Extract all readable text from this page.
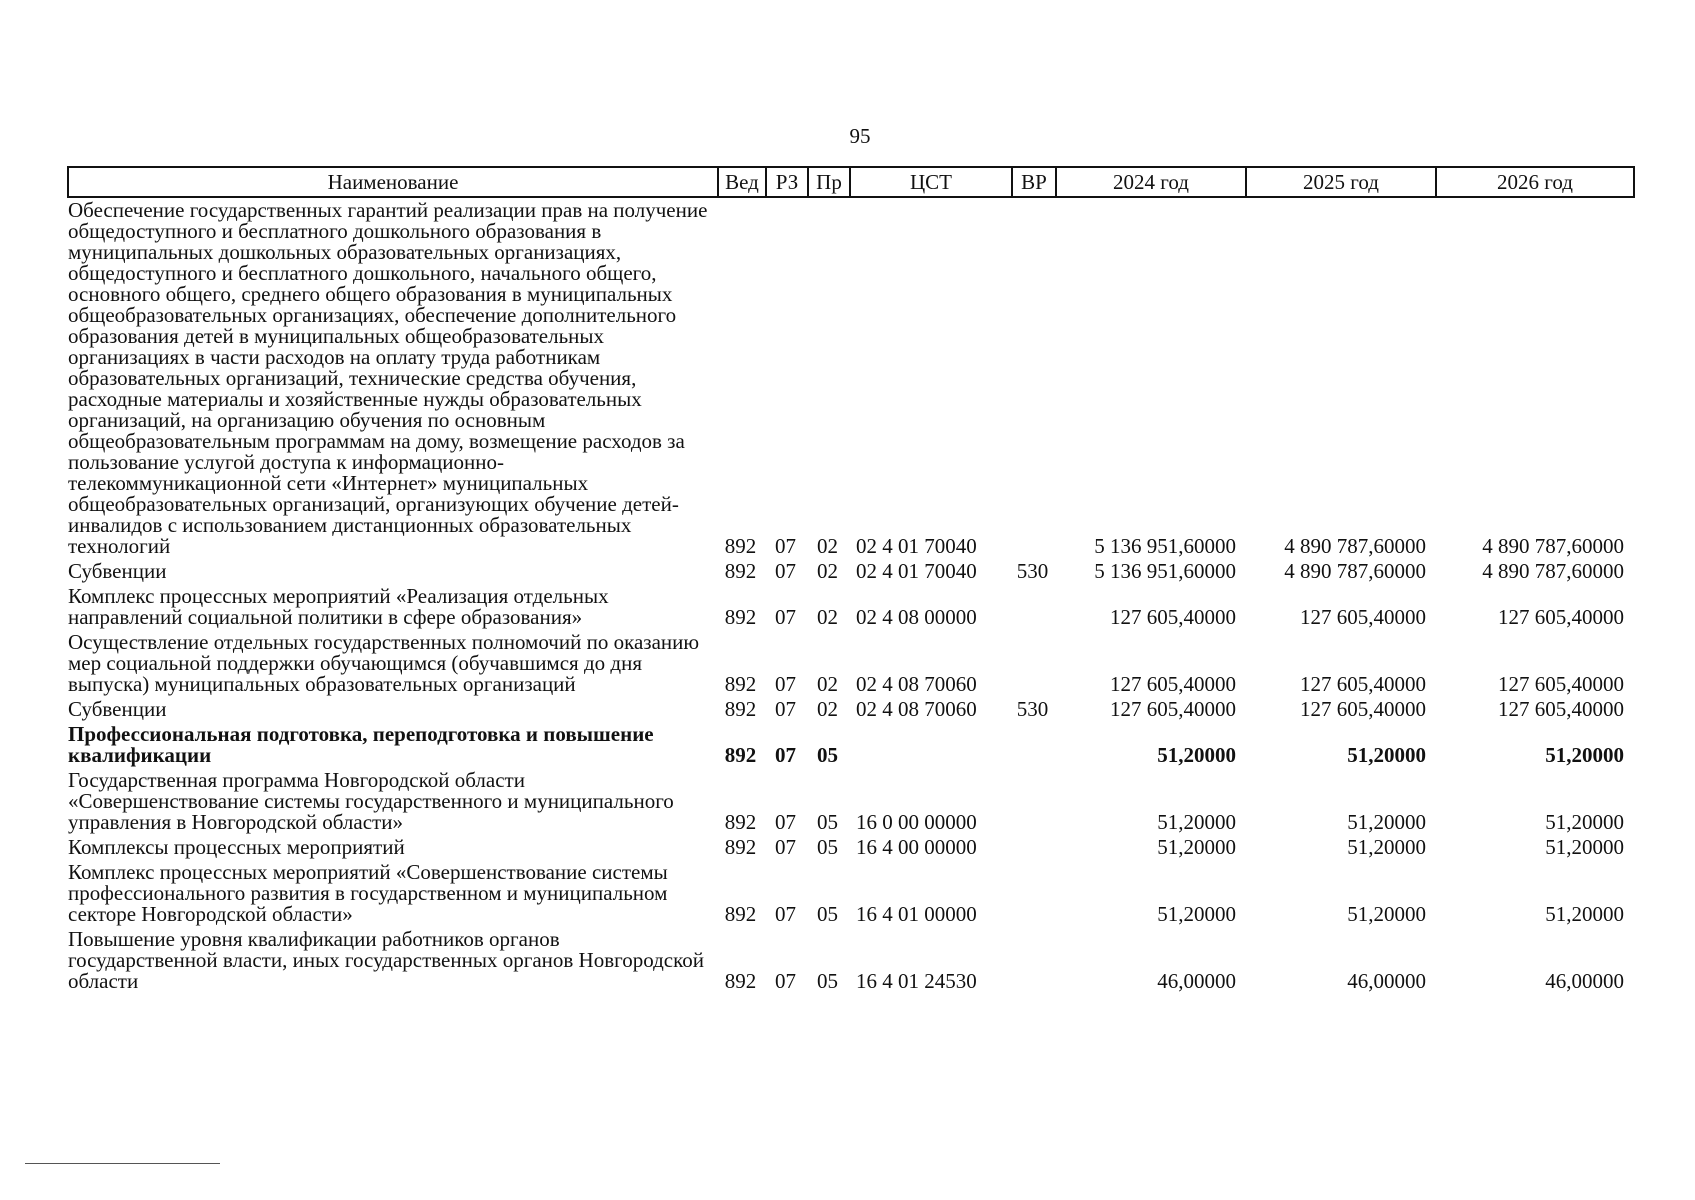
95
Наименование	Вед	РЗ	Пр	ЦСТ	ВР	2024 год	2025 год	2026 год
Обеспечение государственных гарантий реализации прав на получение общедоступного и бесплатного дошкольного образования в муниципальных дошкольных образовательных организациях, общедоступного и бесплатного дошкольного, начального общего, основного общего, среднего общего образования в муниципальных общеобразовательных организациях, обеспечение дополнительного образования детей в муниципальных общеобразовательных организациях в части расходов на оплату труда работникам образовательных организаций, технические средства обучения, расходные материалы и хозяйственные нужды образовательных организаций, на организацию обучения по основным общеобразовательным программам на дому, возмещение расходов за пользование услугой доступа к информационно-телекоммуникационной сети «Интернет» муниципальных общеобразовательных организаций, организующих обучение детей-инвалидов с использованием дистанционных образовательных технологий	892	07	02	02 4 01 70040		5 136 951,60000	4 890 787,60000	4 890 787,60000
Субвенции	892	07	02	02 4 01 70040	530	5 136 951,60000	4 890 787,60000	4 890 787,60000
Комплекс процессных мероприятий «Реализация отдельных направлений социальной политики в сфере образования»	892	07	02	02 4 08 00000		127 605,40000	127 605,40000	127 605,40000
Осуществление отдельных государственных полномочий по оказанию мер социальной поддержки обучающимся (обучавшимся до дня выпуска) муниципальных образовательных организаций	892	07	02	02 4 08 70060		127 605,40000	127 605,40000	127 605,40000
Субвенции	892	07	02	02 4 08 70060	530	127 605,40000	127 605,40000	127 605,40000
Профессиональная подготовка, переподготовка и повышение квалификации	892	07	05			51,20000	51,20000	51,20000
Государственная программа Новгородской области «Совершенствование системы государственного и муниципального управления в Новгородской области»	892	07	05	16 0 00 00000		51,20000	51,20000	51,20000
Комплексы процессных мероприятий	892	07	05	16 4 00 00000		51,20000	51,20000	51,20000
Комплекс процессных мероприятий «Совершенствование системы профессионального развития в государственном и муниципальном секторе Новгородской области»	892	07	05	16 4 01 00000		51,20000	51,20000	51,20000
Повышение уровня квалификации работников органов государственной власти, иных государственных органов Новгородской области	892	07	05	16 4 01 24530		46,00000	46,00000	46,00000
